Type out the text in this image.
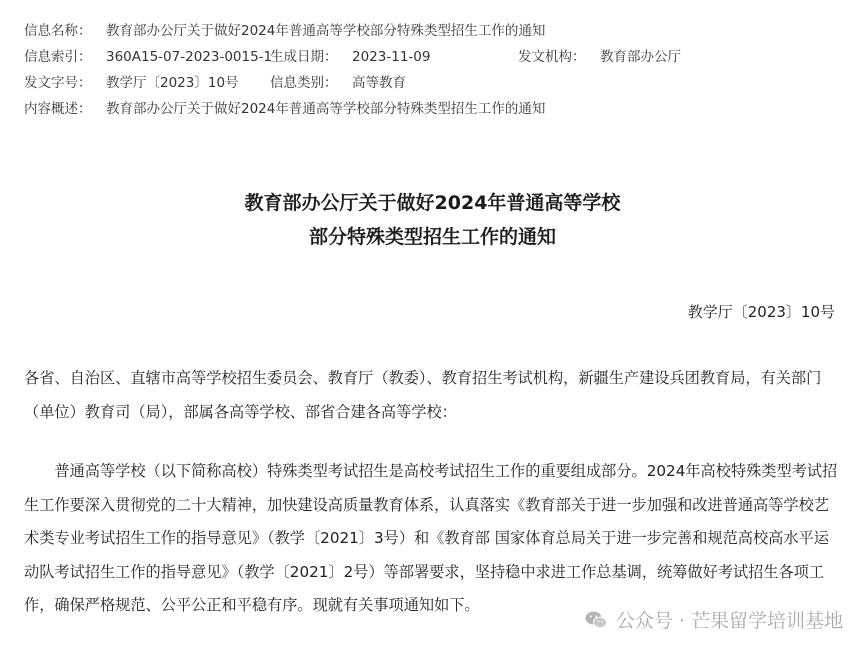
信息名称： 教育部办公厅关于做好2024年普通高等学校部分特殊类型招生工作的通知
信息索引： 360A15-07-2023-0015-1
生成日期： 2023-11-09	发文机构： 教育部办公厅
发文字号： 教学厅〔2023〕10号 信息类别： 高等教育
内容概述： 教育部办公厅关于做好2024年普通高等学校部分特殊类型招生工作的通知
教育部办公厅关于做好2024年普通高等学校
部分特殊类型招生工作的通知
教学厅〔2023〕10号

各省、自治区、直辖市高等学校招生委员会、教育厅（教委）、教育招生考试机构，新疆生产建设兵团教育局，有关部门（单位）教育司（局），部属各高等学校、部省合建各高等学校：

普通高等学校（以下简称高校）特殊类型考试招生是高校考试招生工作的重要组成部分。2024年高校特殊类型考试招生工作要深入贯彻党的二十大精神，加快建设高质量教育体系，认真落实《教育部关于进一步加强和改进普通高等学校艺术类专业考试招生工作的指导意见》（教学〔2021〕3号）和《教育部 国家体育总局关于进一步完善和规范高校高水平运动队考试招生工作的指导意见》（教学〔2021〕2号）等部署要求，坚持稳中求进工作总基调，统筹做好考试招生各项工作，确保严格规范、公平公正和平稳有序。现就有关事项通知如下。

公众号 · 芒果留学培训基地
